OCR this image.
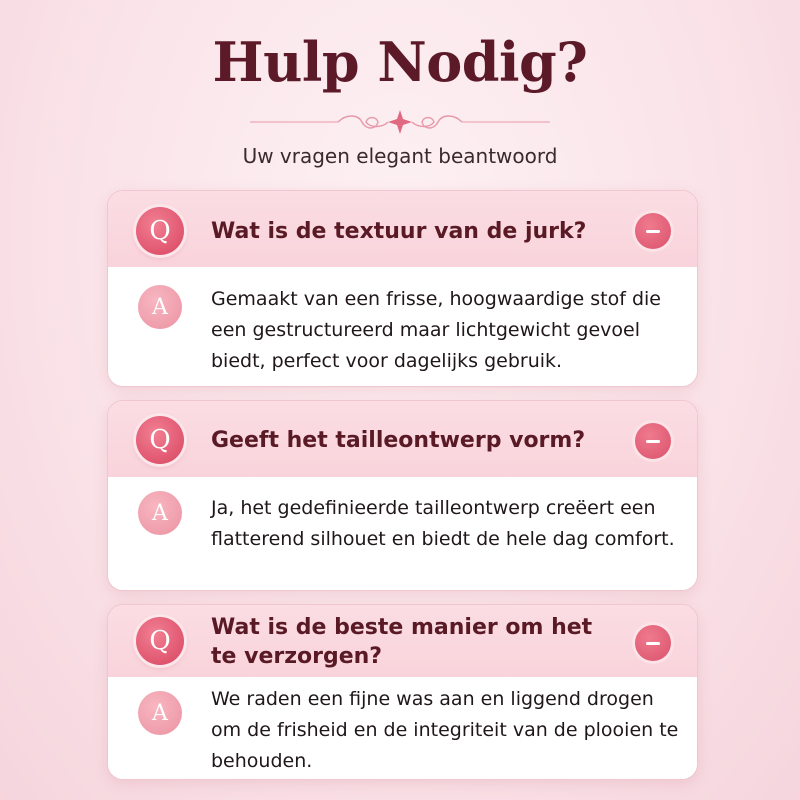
Hulp Nodig?
Uw vragen elegant beantwoord
Q	Wat is de textuur van de jurk?
A	Gemaakt van een frisse, hoogwaardige stof die een gestructureerd maar lichtgewicht gevoel biedt, perfect voor dagelijks gebruik.
Q	Geeft het tailleontwerp vorm?
A	Ja, het gedefinieerde tailleontwerp creëert een flatterend silhouet en biedt de hele dag comfort.
Q	Wat is de beste manier om het te verzorgen?
A
We raden een fijne was aan en liggend drogen om de frisheid en de integriteit van de plooien te behouden.
